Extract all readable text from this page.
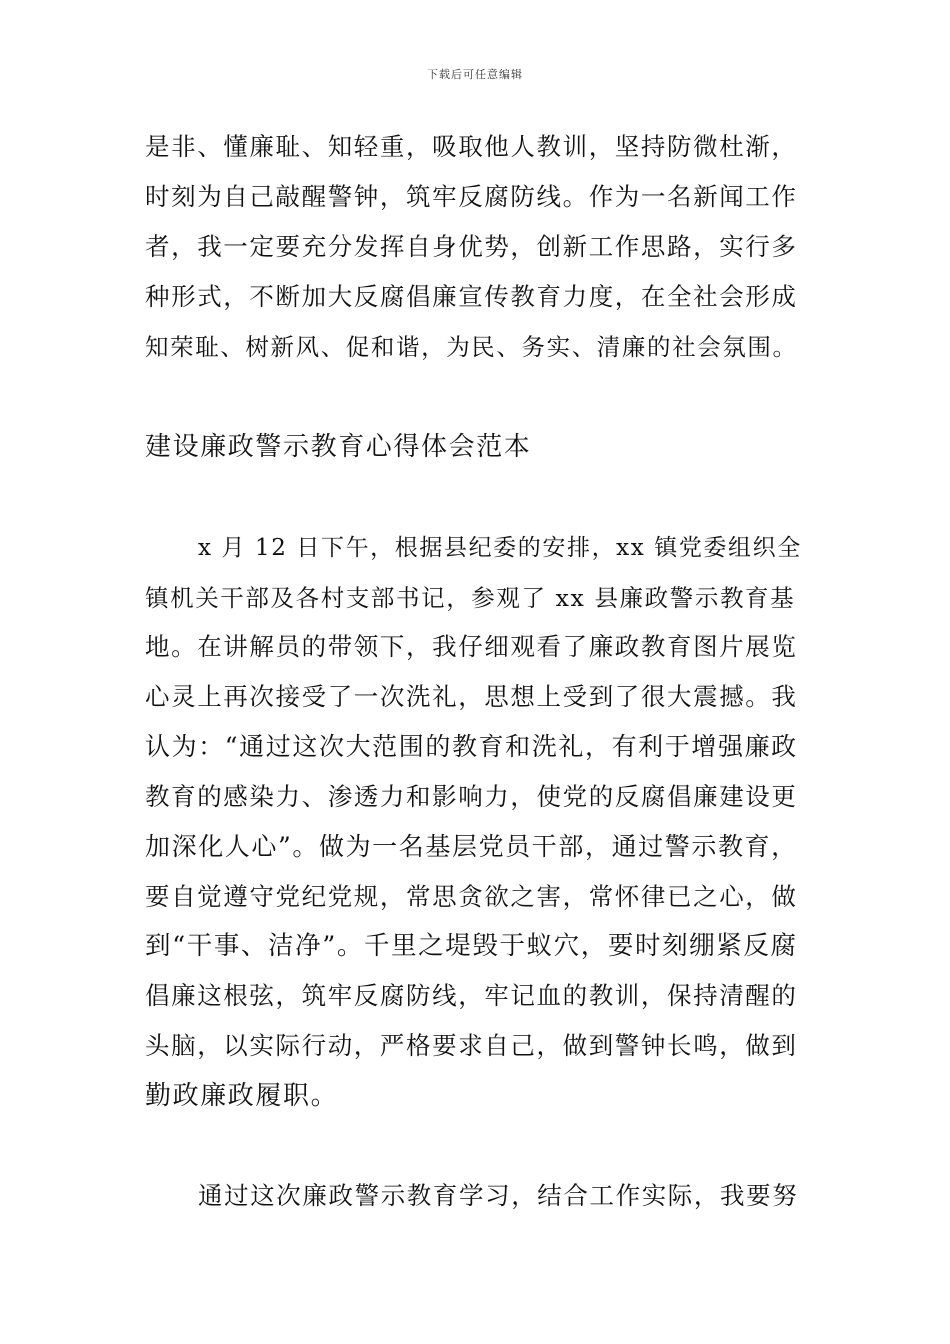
下载后可任意编辑
是非、懂廉耻、知轻重，吸取他人教训，坚持防微杜渐，
时刻为自己敲醒警钟，筑牢反腐防线。作为一名新闻工作
者，我一定要充分发挥自身优势，创新工作思路，实行多
种形式，不断加大反腐倡廉宣传教育力度，在全社会形成
知荣耻、树新风、促和谐，为民、务实、清廉的社会氛围。
建设廉政警示教育心得体会范本
x 月 12 日下午，根据县纪委的安排，xx 镇党委组织全
镇机关干部及各村支部书记，参观了 xx 县廉政警示教育基
地。在讲解员的带领下，我仔细观看了廉政教育图片展览
心灵上再次接受了一次洗礼，思想上受到了很大震撼。我
认为：“通过这次大范围的教育和洗礼，有利于增强廉政
教育的感染力、渗透力和影响力，使党的反腐倡廉建设更
加深化人心”。做为一名基层党员干部，通过警示教育，
要自觉遵守党纪党规，常思贪欲之害，常怀律已之心，做
到“干事、洁净”。千里之堤毁于蚁穴，要时刻绷紧反腐
倡廉这根弦，筑牢反腐防线，牢记血的教训，保持清醒的
头脑，以实际行动，严格要求自己，做到警钟长鸣，做到
勤政廉政履职。
通过这次廉政警示教育学习，结合工作实际，我要努
